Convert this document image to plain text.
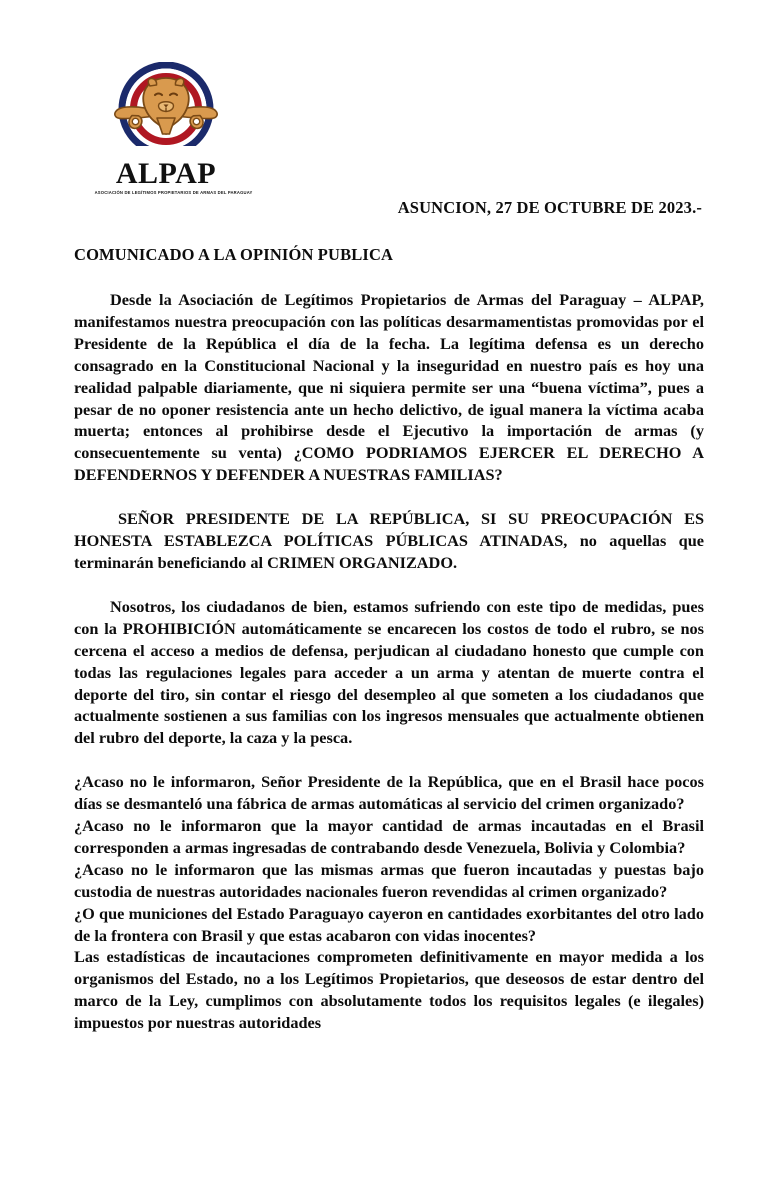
ALPAP
ASOCIACIÓN DE LEGÍTIMOS PROPIETARIOS DE ARMAS DEL PARAGUAY
ASUNCION, 27 DE OCTUBRE DE 2023.-
COMUNICADO A LA OPINIÓN PUBLICA

Desde la Asociación de Legítimos Propietarios de Armas del Paraguay – ALPAP, manifestamos nuestra preocupación con las políticas desarmamentistas promovidas por el Presidente de la República el día de la fecha. La legítima defensa es un derecho consagrado en la Constitucional Nacional y la inseguridad en nuestro país es hoy una realidad palpable diariamente, que ni siquiera permite ser una “buena víctima”, pues a pesar de no oponer resistencia ante un hecho delictivo, de igual manera la víctima acaba muerta; entonces al prohibirse desde el Ejecutivo la importación de armas (y consecuentemente su venta) ¿COMO PODRIAMOS EJERCER EL DERECHO A DEFENDERNOS Y DEFENDER A NUESTRAS FAMILIAS?

SEÑOR PRESIDENTE DE LA REPÚBLICA, SI SU PREOCUPACIÓN ES HONESTA ESTABLEZCA POLÍTICAS PÚBLICAS ATINADAS, no aquellas que terminarán beneficiando al CRIMEN ORGANIZADO.

Nosotros, los ciudadanos de bien, estamos sufriendo con este tipo de medidas, pues con la PROHIBICIÓN automáticamente se encarecen los costos de todo el rubro, se nos cercena el acceso a medios de defensa, perjudican al ciudadano honesto que cumple con todas las regulaciones legales para acceder a un arma y atentan de muerte contra el deporte del tiro, sin contar el riesgo del desempleo al que someten a los ciudadanos que actualmente sostienen a sus familias con los ingresos mensuales que actualmente obtienen del rubro del deporte, la caza y la pesca.

¿Acaso no le informaron, Señor Presidente de la República, que en el Brasil hace pocos días se desmanteló una fábrica de armas automáticas al servicio del crimen organizado?

¿Acaso no le informaron que la mayor cantidad de armas incautadas en el Brasil corresponden a armas ingresadas de contrabando desde Venezuela, Bolivia y Colombia?

¿Acaso no le informaron que las mismas armas que fueron incautadas y puestas bajo custodia de nuestras autoridades nacionales fueron revendidas al crimen organizado?

¿O que municiones del Estado Paraguayo cayeron en cantidades exorbitantes del otro lado de la frontera con Brasil y que estas acabaron con vidas inocentes?

Las estadísticas de incautaciones comprometen definitivamente en mayor medida a los organismos del Estado, no a los Legítimos Propietarios, que deseosos de estar dentro del marco de la Ley, cumplimos con absolutamente todos los requisitos legales (e ilegales) impuestos por nuestras autoridades
